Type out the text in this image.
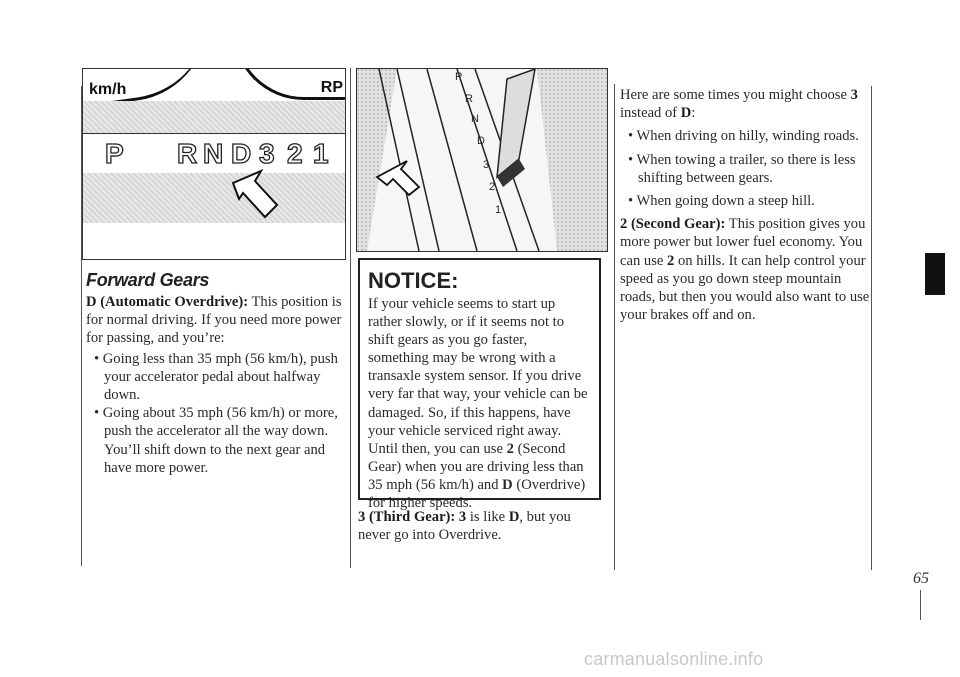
km/h	RP
P R N D 3 2 1
P
R
N
D
3
2
1
Forward Gears
D (Automatic Overdrive): This position is for normal driving. If you need more power for passing, and you’re:
• Going less than 35 mph (56 km/h), push your accelerator pedal about halfway down.
• Going about 35 mph (56 km/h) or more, push the accelerator all the way down. You’ll shift down to the next gear and have more power.
NOTICE:
If your vehicle seems to start up rather slowly, or if it seems not to shift gears as you go faster, something may be wrong with a transaxle system sensor. If you drive very far that way, your vehicle can be damaged. So, if this happens, have your vehicle serviced right away. Until then, you can use 2 (Second Gear) when you are driving less than 35 mph (56 km/h) and D (Overdrive) for higher speeds.
3 (Third Gear): 3 is like D, but you never go into Overdrive.
Here are some times you might choose 3 instead of D:
• When driving on hilly, winding roads.
• When towing a trailer, so there is less shifting between gears.
• When going down a steep hill.
2 (Second Gear): This position gives you more power but lower fuel economy. You can use 2 on hills. It can help control your speed as you go down steep mountain roads, but then you would also want to use your brakes off and on.
65
carmanualsonline.info
